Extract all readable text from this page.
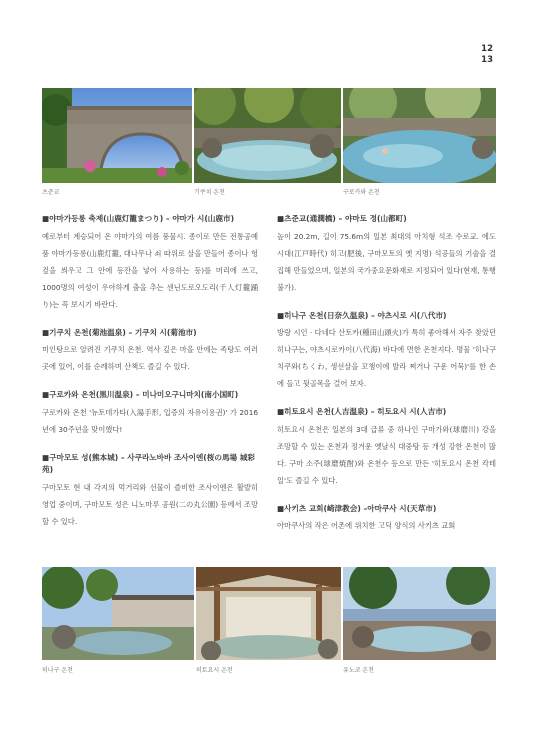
12
13
츠준교	기쿠치 온천	구로카와 온천

■야마가등롱 축제(山鹿灯籠まつり) – 야마가 시(山鹿市)

예로부터 계승되어 온 야마가의 여름 풍물시. 종이로 만든 전통공예품 야마가등롱(山鹿灯籠, 대나무나 쇠 따위로 살을 만들어 종이나 헝겊을 씌우고 그 안에 등잔을 넣어 사용하는 등)를 머리에 쓰고, 1000명의 여성이 우아하게 춤을 추는 센닌도로오도리(千人灯籠踊り)는 꼭 보시기 바란다.

■기쿠치 온천(菊池温泉) – 기쿠치 시(菊池市)

미인탕으로 알려진 기쿠치 온천. 역사 깊은 마을 안에는 족탕도 여러 곳에 있어, 이를 순례하며 산책도 즐길 수 있다.

■구로카와 온천(黒川温泉) – 미나미오구니마치(南小国町)

구로카와 온천 '뉴토데가타(入湯手形, 입증의 자유이용권)' 가 2016년에 30주년을 맞이했다!

■구마모토 성(熊本城) – 사쿠라노바바 조사이엔(桜の馬場 城彩苑)

구마모토 현 내 각지의 먹거리와 선물이 즐비한 조사이엔은 활발히 영업 중이며, 구마모토 성은 니노마루 공원(二の丸公園) 등에서 조망할 수 있다.

■츠준교(通潤橋) – 야마토 정(山都町)

높이 20.2m, 길이 75.6m의 일본 최대의 아치형 석조 수로교. 에도시대(江戸時代) 히고(肥後, 구마모토의 옛 지명) 석공들의 기술을 결집해 만들었으며, 일본의 국가중요문화재로 지정되어 있다(현재, 통행 불가).

■히나구 온천(日奈久温泉) – 야츠시로 시(八代市)

방랑 시인 · 다네다 산토카(種田山頭火)가 특히 좋아해서 자주 찾았던 히나구는, 야츠시로카이(八代海) 바다에 면한 온천지다. 명물 '히나구 치쿠와(ちくわ, 생선살을 꼬챙이에 발라 쪄거나 구운 어묵)'를 한 손에 들고 뒷골목을 걸어 보자.

■히토요시 온천(人吉温泉) – 히토요시 시(人吉市)

히토요시 온천은 일본의 3대 급류 중 하나인 구마가와(球磨川) 강을 조망할 수 있는 온천과 정겨운 옛날식 대중탕 등 개성 강한 온천이 많다. 구마 소주(球磨焼酎)와 온천수 등으로 만든 '히토요시 온천 칵테일'도 즐길 수 있다.

■사키츠 교회(崎津教会) –아마쿠사 시(天草市)

아마쿠사의 작은 어촌에 위치한 고딕 양식의 사키츠 교회

히나구 온천	히토요시 온천	유노코 온천
